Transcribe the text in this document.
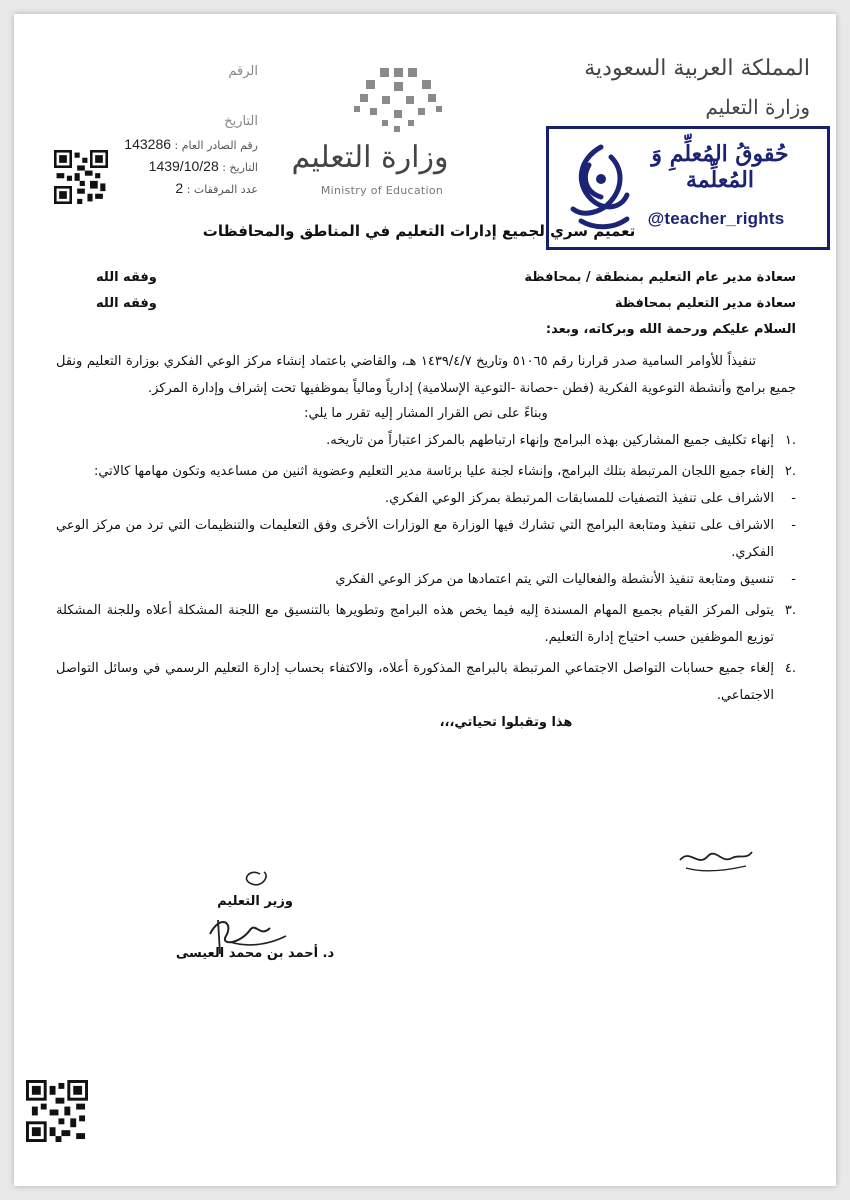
المملكة العربية السعودية
وزارة التعليم
وزارة التعليم
Ministry of Education
الرقم
التاريخ
رقم الصادر العام : 143286
التاريخ : 1439/10/28
عدد المرفقات : 2
حُقوقُ المُعلِّمِ وَ المُعلِّمة
@teacher_rights
تعميم سري لجميع إدارات التعليم في المناطق والمحافظات
سعادة مدير عام التعليم بمنطقة / بمحافظة
وفقه الله
سعادة مدير التعليم بمحافظة
وفقه الله
السلام عليكم ورحمة الله وبركاته، وبعد:
تنفيذاً للأوامر السامية صدر قرارنا رقم ٥١٠٦٥ وتاريخ ١٤٣٩/٤/٧ هـ، والقاضي باعتماد إنشاء مركز الوعي الفكري بوزارة التعليم ونقل جميع برامج وأنشطة التوعوية الفكرية (فطن -حصانة -التوعية الإسلامية) إدارياً ومالياً بموظفيها تحت إشراف وإدارة المركز.
وبناءً على نص القرار المشار إليه تقرر ما يلي:
.١
إنهاء تكليف جميع المشاركين بهذه البرامج وإنهاء ارتباطهم بالمركز اعتباراً من تاريخه.
.٢
إلغاء جميع اللجان المرتبطة بتلك البرامج، وإنشاء لجنة عليا برئاسة مدير التعليم وعضوية اثنين من مساعديه وتكون مهامها كالاتي:
-
الاشراف على تنفيذ التصفيات للمسابقات المرتبطة بمركز الوعي الفكري.
-
الاشراف على تنفيذ ومتابعة البرامج التي تشارك فيها الوزارة مع الوزارات الأخرى وفق التعليمات والتنظيمات التي ترد من مركز الوعي الفكري.
-
تنسيق ومتابعة تنفيذ الأنشطة والفعاليات التي يتم اعتمادها من مركز الوعي الفكري
.٣
يتولى المركز القيام بجميع المهام المسندة إليه فيما يخص هذه البرامج وتطويرها بالتنسيق مع اللجنة المشكلة أعلاه وللجنة المشكلة توزيع الموظفين حسب احتياج إدارة التعليم.
.٤
إلغاء جميع حسابات التواصل الاجتماعي المرتبطة بالبرامج المذكورة أعلاه، والاكتفاء بحساب إدارة التعليم الرسمي في وسائل التواصل الاجتماعي.
هذا وتقبلوا تحياتي،،،
وزير التعليم
د. أحمد بن محمد العيسى
